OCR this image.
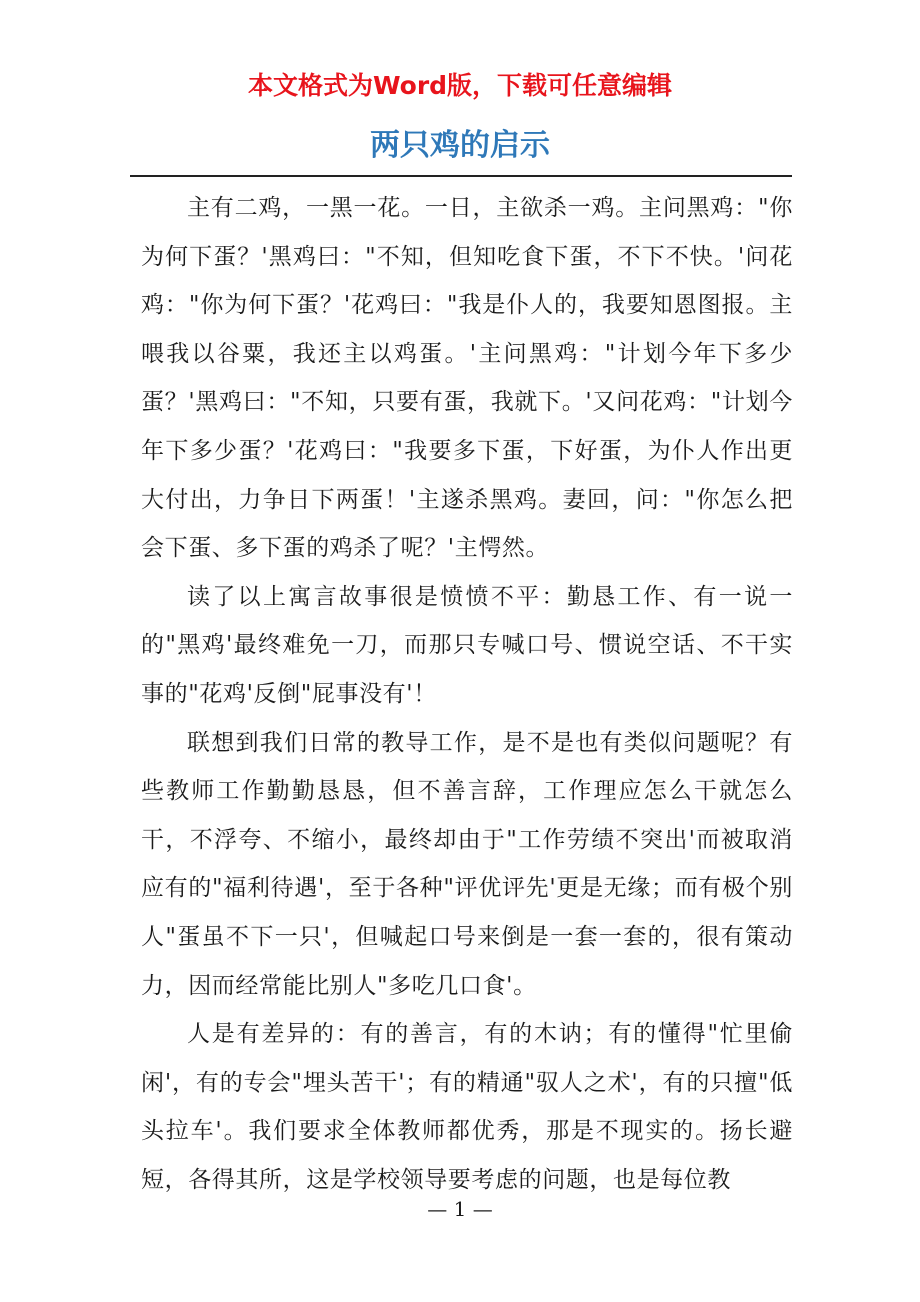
本文格式为Word版，下载可任意编辑
两只鸡的启示

主有二鸡，一黑一花。一日，主欲杀一鸡。主问黑鸡："你为何下蛋？'黑鸡曰："不知，但知吃食下蛋，不下不快。'问花鸡："你为何下蛋？'花鸡曰："我是仆人的，我要知恩图报。主喂我以谷粟，我还主以鸡蛋。'主问黑鸡："计划今年下多少蛋？'黑鸡曰："不知，只要有蛋，我就下。'又问花鸡："计划今年下多少蛋？'花鸡曰："我要多下蛋，下好蛋，为仆人作出更大付出，力争日下两蛋！'主遂杀黑鸡。妻回，问："你怎么把会下蛋、多下蛋的鸡杀了呢？'主愕然。

读了以上寓言故事很是愤愤不平：勤恳工作、有一说一的"黑鸡'最终难免一刀，而那只专喊口号、惯说空话、不干实事的"花鸡'反倒"屁事没有'！

联想到我们日常的教导工作，是不是也有类似问题呢？有些教师工作勤勤恳恳，但不善言辞，工作理应怎么干就怎么干，不浮夸、不缩小，最终却由于"工作劳绩不突出'而被取消应有的"福利待遇'，至于各种"评优评先'更是无缘；而有极个别人"蛋虽不下一只'，但喊起口号来倒是一套一套的，很有策动力，因而经常能比别人"多吃几口食'。

人是有差异的：有的善言，有的木讷；有的懂得"忙里偷闲'，有的专会"埋头苦干'；有的精通"驭人之术'，有的只擅"低头拉车'。我们要求全体教师都优秀，那是不现实的。扬长避短，各得其所，这是学校领导要考虑的问题，也是每位教

— 1 —
